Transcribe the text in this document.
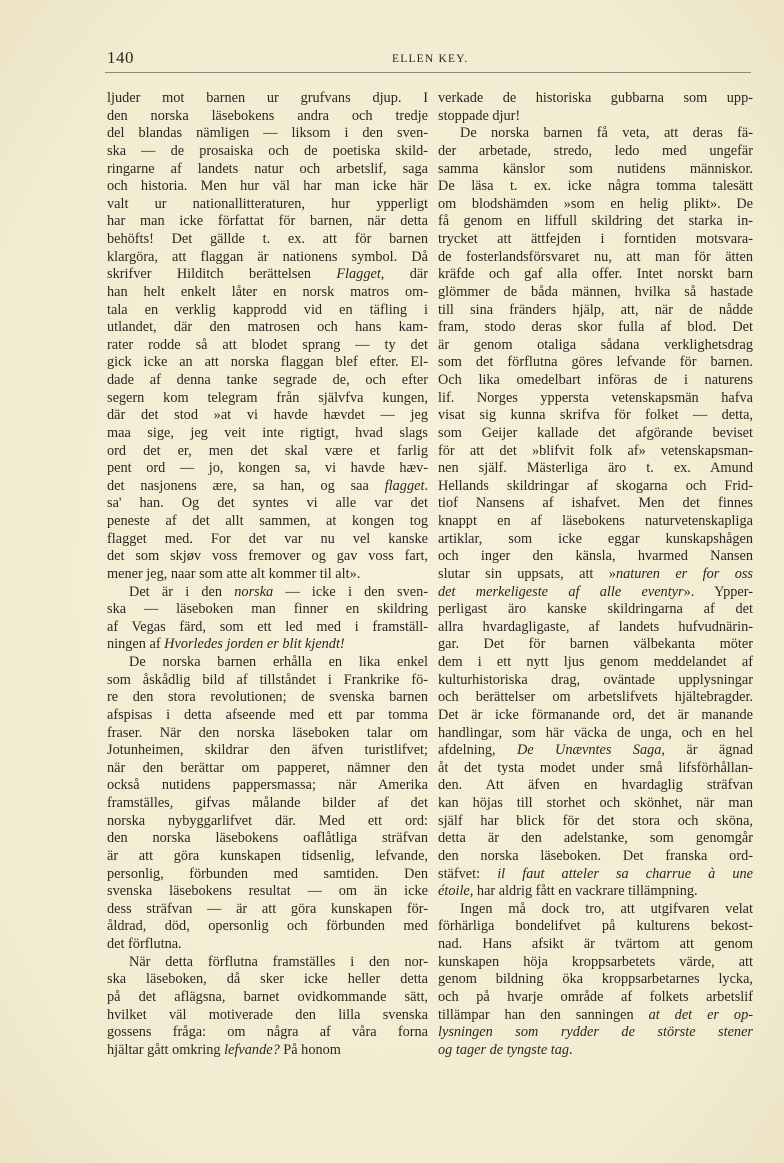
140	ELLEN KEY.
ljuder mot barnen ur grufvans djup. I
den norska läsebokens andra och tredje
del blandas nämligen — liksom i den sven-
ska — de prosaiska och de poetiska skild-
ringarne af landets natur och arbetslif, saga
och historia. Men hur väl har man icke här
valt ur nationallitteraturen, hur ypperligt
har man icke författat för barnen, när detta
behöfts! Det gällde t. ex. att för barnen
klargöra, att flaggan är nationens symbol. Då
skrifver Hilditch berättelsen Flagget, där
han helt enkelt låter en norsk matros om-
tala en verklig kapprodd vid en täfling i
utlandet, där den matrosen och hans kam-
rater rodde så att blodet sprang — ty det
gick icke an att norska flaggan blef efter. El-
dade af denna tanke segrade de, och efter
segern kom telegram från självfva kungen,
där det stod »at vi havde hævdet — jeg
maa sige, jeg veit inte rigtigt, hvad slags
ord det er, men det skal være et farlig
pent ord — jo, kongen sa, vi havde hæv-
det nasjonens ære, sa han, og saa flagget.
sa' han. Og det syntes vi alle var det
peneste af det allt sammen, at kongen tog
flagget med. For det var nu vel kanske
det som skjøv voss fremover og gav voss fart,
mener jeg, naar som atte alt kommer til alt».
Det är i den norska — icke i den sven-
ska — läseboken man finner en skildring
af Vegas färd, som ett led med i framställ-
ningen af Hvorledes jorden er blit kjendt!
De norska barnen erhålla en lika enkel
som åskådlig bild af tillståndet i Frankrike fö-
re den stora revolutionen; de svenska barnen
afspisas i detta afseende med ett par tomma
fraser. När den norska läseboken talar om
Jotunheimen, skildrar den äfven turistlifvet;
när den berättar om papperet, nämner den
också nutidens pappersmassa; när Amerika
framställes, gifvas målande bilder af det
norska nybyggarlifvet där. Med ett ord:
den norska läsebokens oaflåtliga sträfvan
är att göra kunskapen tidsenlig, lefvande,
personlig, förbunden med samtiden. Den
svenska läsebokens resultat — om än icke
dess sträfvan — är att göra kunskapen för-
åldrad, död, opersonlig och förbunden med
det förflutna.
När detta förflutna framställes i den nor-
ska läseboken, då sker icke heller detta
på det aflägsna, barnet ovidkommande sätt,
hvilket väl motiverade den lilla svenska
gossens fråga: om några af våra forna
hjältar gått omkring lefvande? På honom
verkade de historiska gubbarna som upp-
stoppade djur!
De norska barnen få veta, att deras fä-
der arbetade, stredo, ledo med ungefär
samma känslor som nutidens människor.
De läsa t. ex. icke några tomma talesätt
om blodshämden »som en helig plikt». De
få genom en liffull skildring det starka in-
trycket att ättfejden i forntiden motsvara-
de fosterlandsförsvaret nu, att man för ätten
kräfde och gaf alla offer. Intet norskt barn
glömmer de båda männen, hvilka så hastade
till sina fränders hjälp, att, när de nådde
fram, stodo deras skor fulla af blod. Det
är genom otaliga sådana verklighetsdrag
som det förflutna göres lefvande för barnen.
Och lika omedelbart införas de i naturens
lif. Norges yppersta vetenskapsmän hafva
visat sig kunna skrifva för folket — detta,
som Geijer kallade det afgörande beviset
för att det »blifvit folk af» vetenskapsman-
nen själf. Mästerliga äro t. ex. Amund
Hellands skildringar af skogarna och Frid-
tiof Nansens af ishafvet. Men det finnes
knappt en af läsebokens naturvetenskapliga
artiklar, som icke eggar kunskapshågen
och inger den känsla, hvarmed Nansen
slutar sin uppsats, att »naturen er for oss
det merkeligeste af alle eventyr». Ypper-
perligast äro kanske skildringarna af det
allra hvardagligaste, af landets hufvudnärin-
gar. Det för barnen välbekanta möter
dem i ett nytt ljus genom meddelandet af
kulturhistoriska drag, oväntade upplysningar
och berättelser om arbetslifvets hjältebragder.
Det är icke förmanande ord, det är manande
handlingar, som här väcka de unga, och en hel
afdelning, De Unævntes Saga, är ägnad
åt det tysta modet under små lifsförhållan-
den. Att äfven en hvardaglig sträfvan
kan höjas till storhet och skönhet, när man
själf har blick för det stora och sköna,
detta är den adelstanke, som genomgår
den norska läseboken. Det franska ord-
stäfvet: il faut atteler sa charrue à une
étoile, har aldrig fått en vackrare tillämpning.
Ingen må dock tro, att utgifvaren velat
förhärliga bondelifvet på kulturens bekost-
nad. Hans afsikt är tvärtom att genom
kunskapen höja kroppsarbetets värde, att
genom bildning öka kroppsarbetarnes lycka,
och på hvarje område af folkets arbetslif
tillämpar han den sanningen at det er op-
lysningen som rydder de störste stener
og tager de tyngste tag.
